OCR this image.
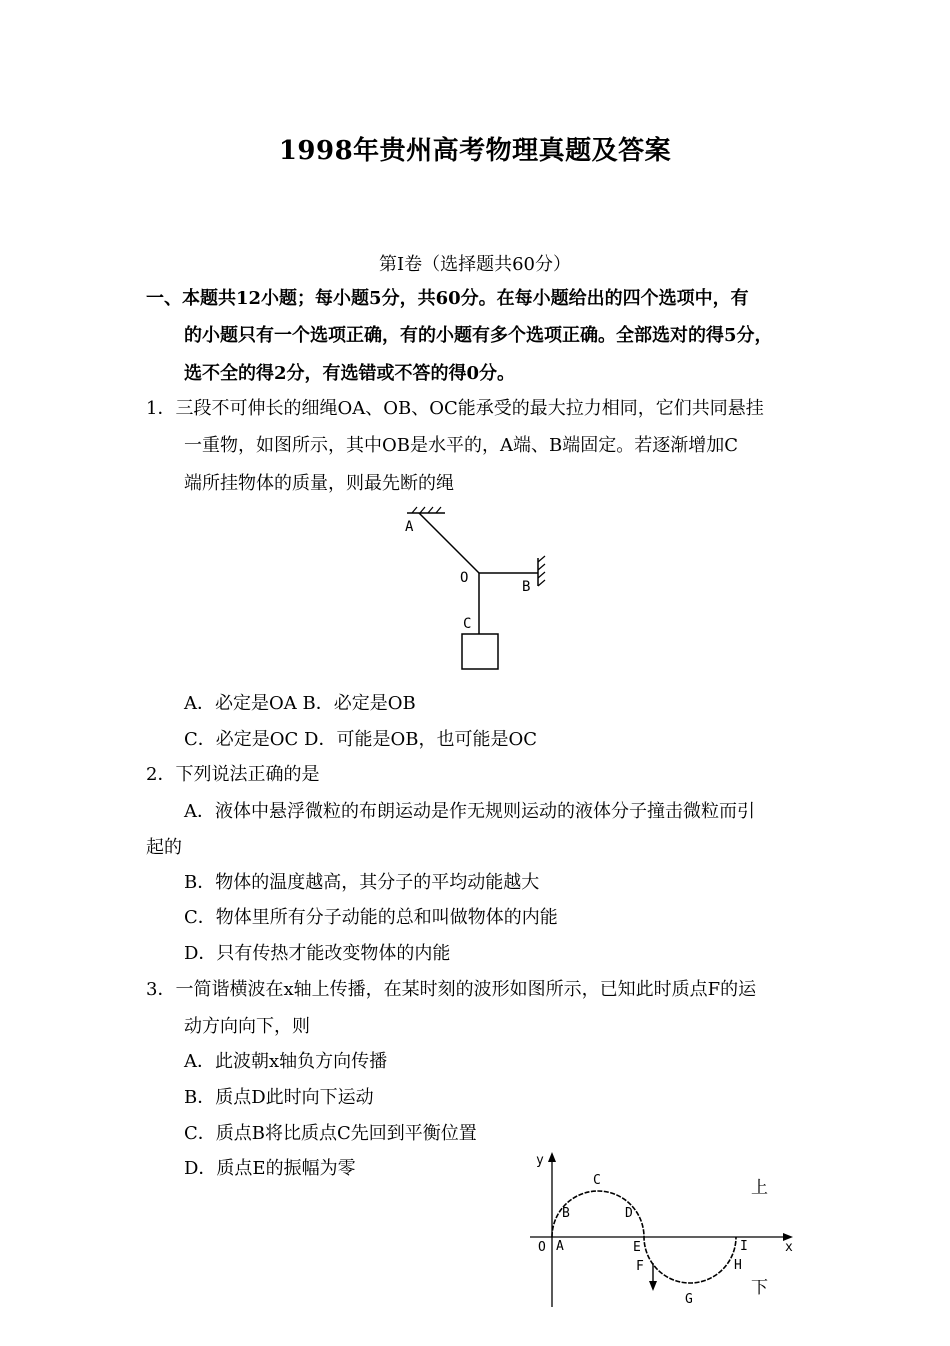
1998年贵州高考物理真题及答案
第Ⅰ卷（选择题共60分）
一、本题共12小题；每小题5分，共60分。在每小题给出的四个选项中，有
的小题只有一个选项正确，有的小题有多个选项正确。全部选对的得5分，
选不全的得2分，有选错或不答的得0分。
1．三段不可伸长的细绳OA、OB、OC能承受的最大拉力相同，它们共同悬挂
一重物，如图所示，其中OB是水平的，A端、B端固定。若逐渐增加C
端所挂物体的质量，则最先断的绳
A
O
B
C
A．必定是OA B．必定是OB
C．必定是OC D．可能是OB，也可能是OC
2．下列说法正确的是
A．液体中悬浮微粒的布朗运动是作无规则运动的液体分子撞击微粒而引
起的
B．物体的温度越高，其分子的平均动能越大
C．物体里所有分子动能的总和叫做物体的内能
D．只有传热才能改变物体的内能
3．一简谐横波在x轴上传播，在某时刻的波形如图所示，已知此时质点F的运
动方向向下，则
A．此波朝x轴负方向传播
B．质点D此时向下运动
C．质点B将比质点C先回到平衡位置
D．质点E的振幅为零	y
x
O A
B
C
D
E
F
G
H
I
上
下
